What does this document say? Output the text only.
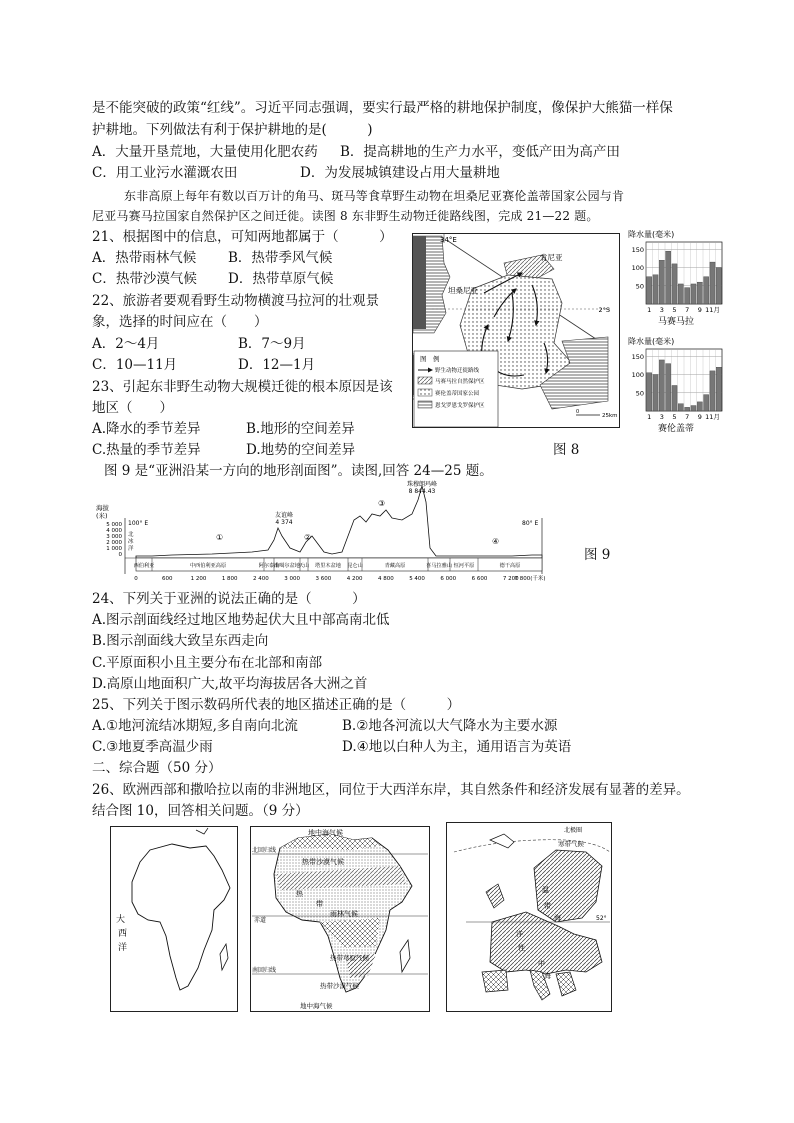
是不能突破的政策“红线”。习近平同志强调，要实行最严格的耕地保护制度，像保护大熊猫一样保
护耕地。下列做法有利于保护耕地的是(　　　)
A．大量开垦荒地，大量使用化肥农药 B．提高耕地的生产力水平，变低产田为高产田
C．用工业污水灌溉农田	D．为发展城镇建设占用大量耕地
东非高原上每年有数以百万计的角马、斑马等食草野生动物在坦桑尼亚赛伦盖蒂国家公园与肯
尼亚马赛马拉国家自然保护区之间迁徙。读图 8 东非野生动物迁徙路线图，完成 21—22 题。
21、根据图中的信息，可知两地都属于（　　　）
A．热带雨林气候 B．热带季风气候
C．热带沙漠气候 D．热带草原气候
22、旅游者要观看野生动物横渡马拉河的壮观景
象，选择的时间应在（　　）
A．2～4月	B．7～9月
C．10—11月	D．12—1月
23、引起东非野生动物大规模迁徙的根本原因是该
地区（　　）
A.降水的季节差异	B.地形的空间差异
C.热量的季节差异	D.地势的空间差异
34°E
2°S
肯尼亚
坦桑尼亚
图　例
野生动物迁徙路线
马赛马拉自然保护区
赛伦盖蒂国家公园
恩戈罗恩戈罗保护区
0
25km
降水量(毫米)
150
100
50
1 3 5 7 9 11月
马赛马拉
降水量(毫米)
150
100
50
1 3 5 7 9 11月
赛伦盖蒂
图 8
图 9 是“亚洲沿某一方向的地形剖面图”。读图,回答 24—25 题。
海拔
(米)
5 000
4 000
3 000
2 000
1 000
0
100° E	80° E
北
冰
洋
珠穆朗玛峰
8 844.43
友谊峰
4 374
①	②
③
④
西伯利亚	中西伯利亚高原	阿尔泰山
准噶尔盆地
天山 塔里木盆地 昆仑山	青藏高原	喜马拉雅山 恒河平原	德干高原
0	600	1 200	1 800	2 400	3 000	3 600	4 200	4 800	5 400	6 000	6 600	7 200
7 800(千米)
图 9
24、下列关于亚洲的说法正确的是（　　　）
A.图示剖面线经过地区地势起伏大且中部高南北低
B.图示剖面线大致呈东西走向
C.平原面积小且主要分布在北部和南部
D.高原山地面积广大,故平均海拔居各大洲之首
25、下列关于图示数码所代表的地区描述正确的是（　　　）
A.①地河流结冰期短,多自南向北流	B.②地各河流以大气降水为主要水源
C.③地夏季高温少雨	D.④地以白种人为主，通用语言为英语
二、综合题（50 分）
26、欧洲西部和撒哈拉以南的非洲地区，同位于大西洋东岸，其自然条件和经济发展有显著的差异。
结合图 10，回答相关问题。（9 分）
大
西
洋
地中海气候
北回归线
热带沙漠气候
热
带
赤道
雨林气候
热带草原气候
南回归线
热带沙漠气候
地中海气候
北极圈
寒带气候
温
带
海
洋
性
52°
中
海
